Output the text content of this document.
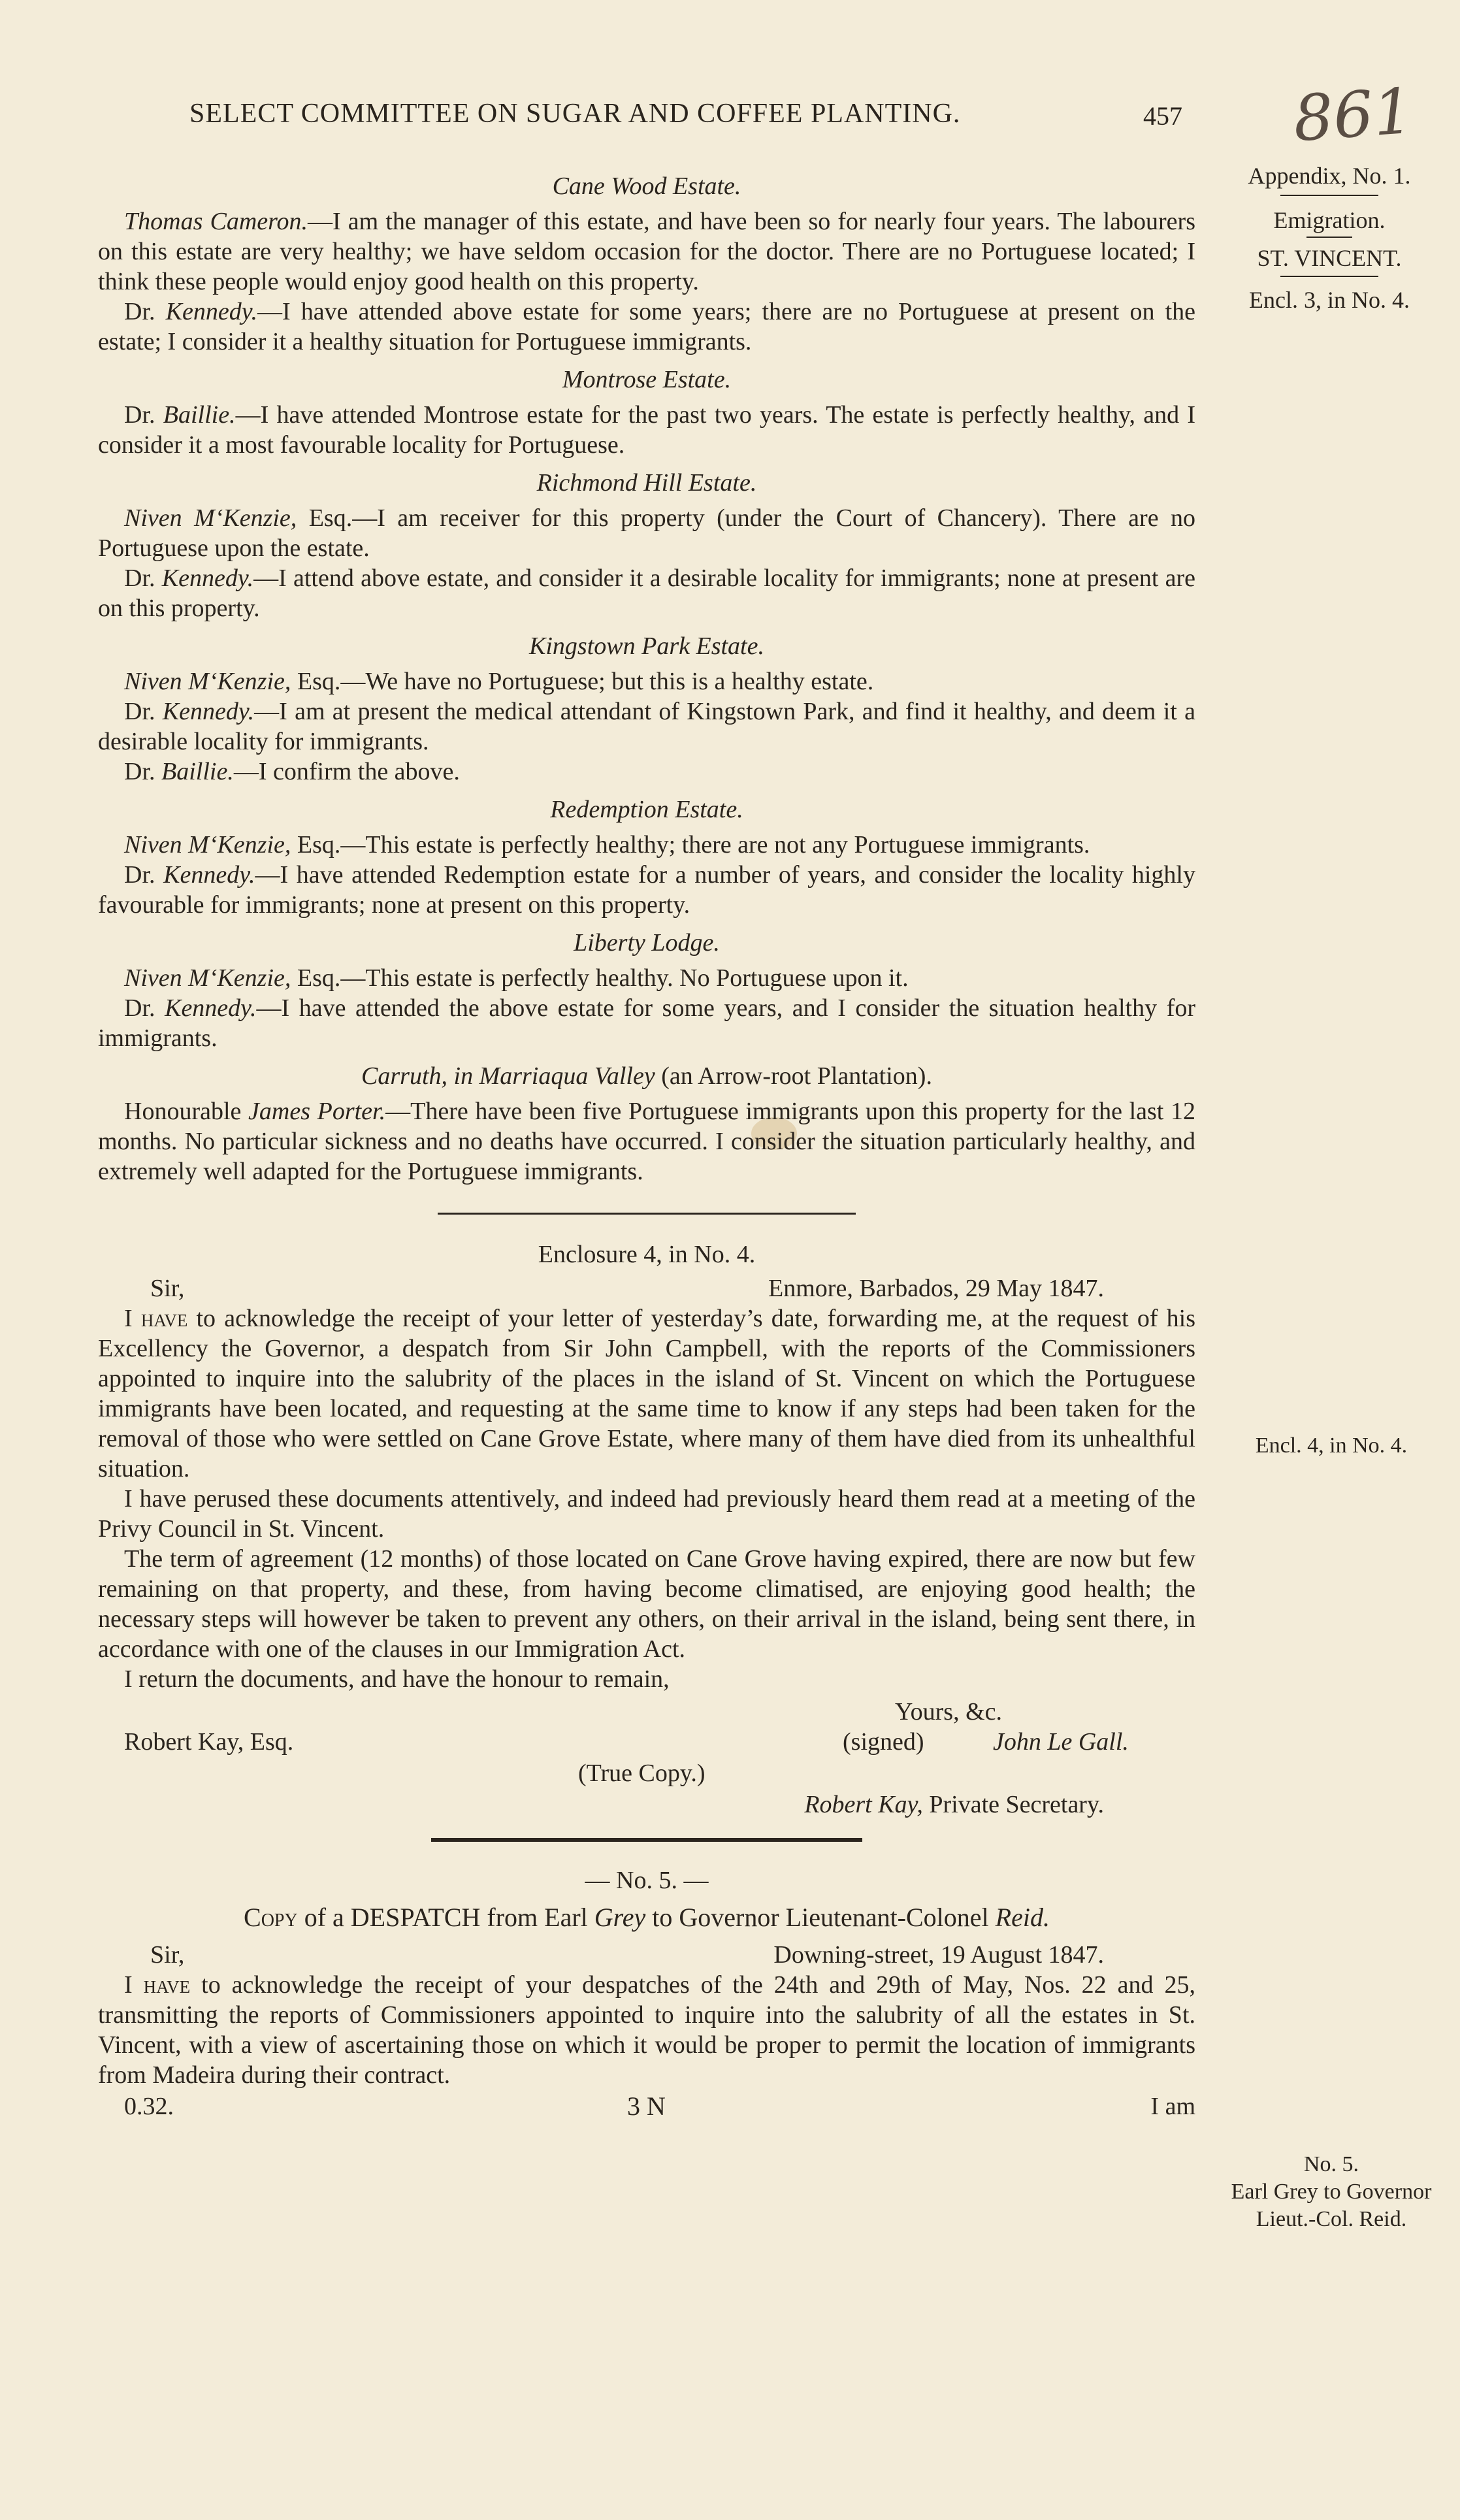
SELECT COMMITTEE ON SUGAR AND COFFEE PLANTING.	457 861
Appendix, No. 1.
Emigration.
ST. VINCENT.
Encl. 3, in No. 4.
Encl. 4, in No. 4.
No. 5.
Earl Grey to Governor Lieut.-Col. Reid.
Cane Wood Estate.

Thomas Cameron.—I am the manager of this estate, and have been so for nearly four years. The labourers on this estate are very healthy; we have seldom occasion for the doctor. There are no Portuguese located; I think these people would enjoy good health on this property.

Dr. Kennedy.—I have attended above estate for some years; there are no Portuguese at present on the estate; I consider it a healthy situation for Portuguese immigrants.

Montrose Estate.

Dr. Baillie.—I have attended Montrose estate for the past two years. The estate is perfectly healthy, and I consider it a most favourable locality for Portuguese.

Richmond Hill Estate.

Niven M‘Kenzie, Esq.—I am receiver for this property (under the Court of Chancery). There are no Portuguese upon the estate.

Dr. Kennedy.—I attend above estate, and consider it a desirable locality for immigrants; none at present are on this property.

Kingstown Park Estate.

Niven M‘Kenzie, Esq.—We have no Portuguese; but this is a healthy estate.

Dr. Kennedy.—I am at present the medical attendant of Kingstown Park, and find it healthy, and deem it a desirable locality for immigrants.

Dr. Baillie.—I confirm the above.

Redemption Estate.

Niven M‘Kenzie, Esq.—This estate is perfectly healthy; there are not any Portuguese immigrants.

Dr. Kennedy.—I have attended Redemption estate for a number of years, and consider the locality highly favourable for immigrants; none at present on this property.

Liberty Lodge.

Niven M‘Kenzie, Esq.—This estate is perfectly healthy. No Portuguese upon it.

Dr. Kennedy.—I have attended the above estate for some years, and I consider the situation healthy for immigrants.

Carruth, in Marriaqua Valley (an Arrow-root Plantation).

Honourable James Porter.—There have been five Portuguese immigrants upon this property for the last 12 months. No particular sickness and no deaths have occurred. I consider the situation particularly healthy, and extremely well adapted for the Portuguese immigrants.

Enclosure 4, in No. 4.
Sir,	Enmore, Barbados, 29 May 1847.

I have to acknowledge the receipt of your letter of yesterday’s date, forwarding me, at the request of his Excellency the Governor, a despatch from Sir John Campbell, with the reports of the Commissioners appointed to inquire into the salubrity of the places in the island of St. Vincent on which the Portuguese immigrants have been located, and requesting at the same time to know if any steps had been taken for the removal of those who were settled on Cane Grove Estate, where many of them have died from its unhealthful situation.

I have perused these documents attentively, and indeed had previously heard them read at a meeting of the Privy Council in St. Vincent.

The term of agreement (12 months) of those located on Cane Grove having expired, there are now but few remaining on that property, and these, from having become climatised, are enjoying good health; the necessary steps will however be taken to prevent any others, on their arrival in the island, being sent there, in accordance with one of the clauses in our Immigration Act.

I return the documents, and have the honour to remain,

Yours, &c.
Robert Kay, Esq.	(signed)	John Le Gall.
(True Copy.)
Robert Kay, Private Secretary.
— No. 5. —
Copy of a DESPATCH from Earl Grey to Governor Lieutenant-Colonel Reid.
Sir,	Downing-street, 19 August 1847.

I have to acknowledge the receipt of your despatches of the 24th and 29th of May, Nos. 22 and 25, transmitting the reports of Commissioners appointed to inquire into the salubrity of all the estates in St. Vincent, with a view of ascertaining those on which it would be proper to permit the location of immigrants from Madeira during their contract.

0.32.	3 N	I am
